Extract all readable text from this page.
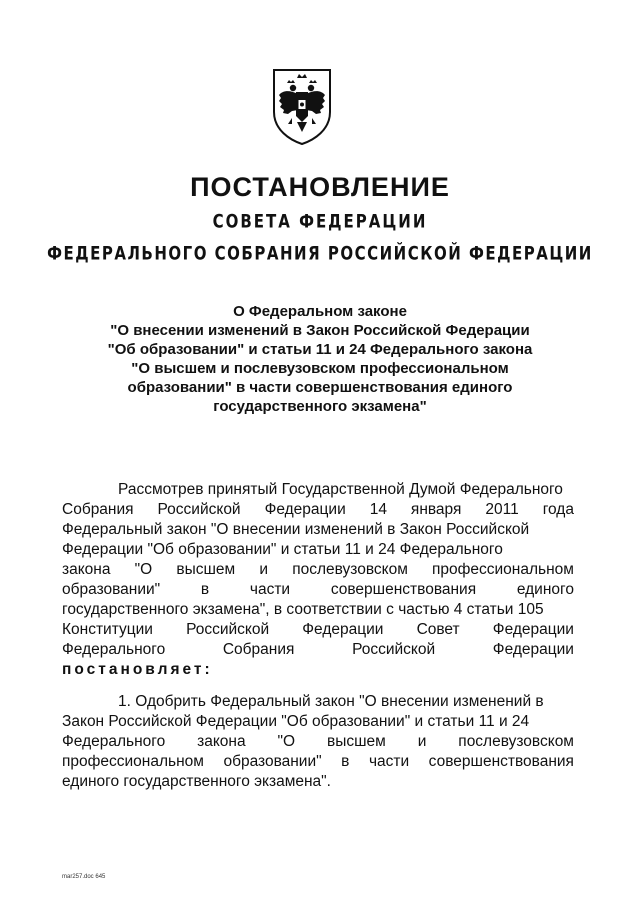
ПОСТАНОВЛЕНИЕ
СОВЕТА ФЕДЕРАЦИИ
ФЕДЕРАЛЬНОГО СОБРАНИЯ РОССИЙСКОЙ ФЕДЕРАЦИИ
О Федеральном законе
"О внесении изменений в Закон Российской Федерации
"Об образовании" и статьи 11 и 24 Федерального закона
"О высшем и послевузовском профессиональном
образовании" в части совершенствования единого
государственного экзамена"
Рассмотрев принятый Государственной Думой Федерального
Собрания Российской Федерации 14 января 2011 года
Федеральный закон "О внесении изменений в Закон Российской
Федерации "Об образовании" и статьи 11 и 24 Федерального
закона "О высшем и послевузовском профессиональном
образовании"	в	части	совершенствования	единого
государственного экзамена", в соответствии с частью 4 статьи 105
Конституции Российской Федерации Совет Федерации
Федерального	Собрания	Российской	Федерации
постановляет:
1. Одобрить Федеральный закон "О внесении изменений в
Закон Российской Федерации "Об образовании" и статьи 11 и 24
Федерального закона "О высшем и послевузовском
профессиональном образовании" в части совершенствования
единого государственного экзамена".
mar257.doc 645
